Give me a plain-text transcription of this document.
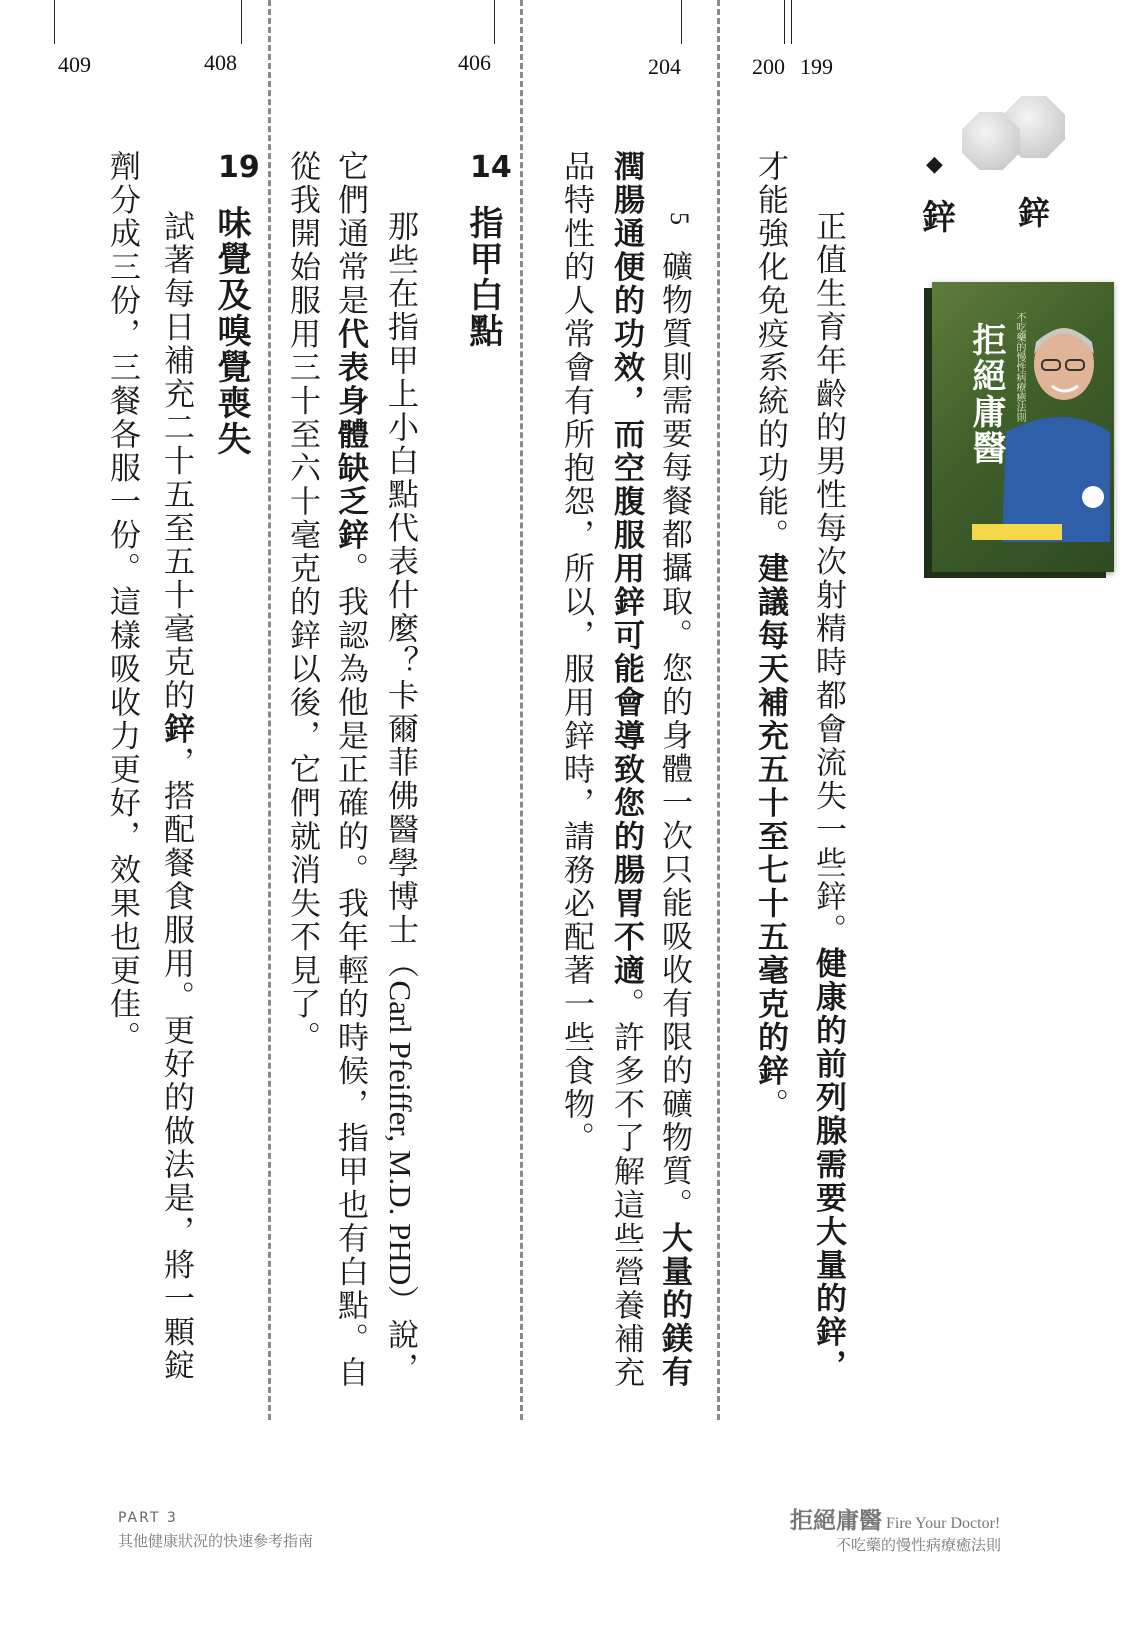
409	408	406	204	200 199
鋅
◆
鋅
拒絕庸醫 不吃藥的慢性病療癒法則
正值生育年齡的男性每次射精時都會流失一些鋅。健康的前列腺需要大量的鋅，
才能強化免疫系統的功能。建議每天補充五十至七十五毫克的鋅。
5
礦物質則需要每餐都攝取。您的身體一次只能吸收有限的礦物質。大量的鎂有
潤腸通便的功效，而空腹服用鋅可能會導致您的腸胃不適。許多不了解這些營養補充
品特性的人常會有所抱怨，所以，服用鋅時，請務必配著一些食物。
14
指甲白點
那些在指甲上小白點代表什麼？卡爾菲佛醫學博士（Carl Pfeiffer, M.D. PHD）說，
它們通常是代表身體缺乏鋅。我認為他是正確的。我年輕的時候，指甲也有白點。自
從我開始服用三十至六十毫克的鋅以後，它們就消失不見了。
19
味覺及嗅覺喪失
試著每日補充二十五至五十毫克的鋅，搭配餐食服用。更好的做法是，將一顆錠
劑分成三份，三餐各服一份。這樣吸收力更好，效果也更佳。
PART 3
其他健康狀況的快速參考指南
拒絕庸醫 Fire Your Doctor!
不吃藥的慢性病療癒法則
